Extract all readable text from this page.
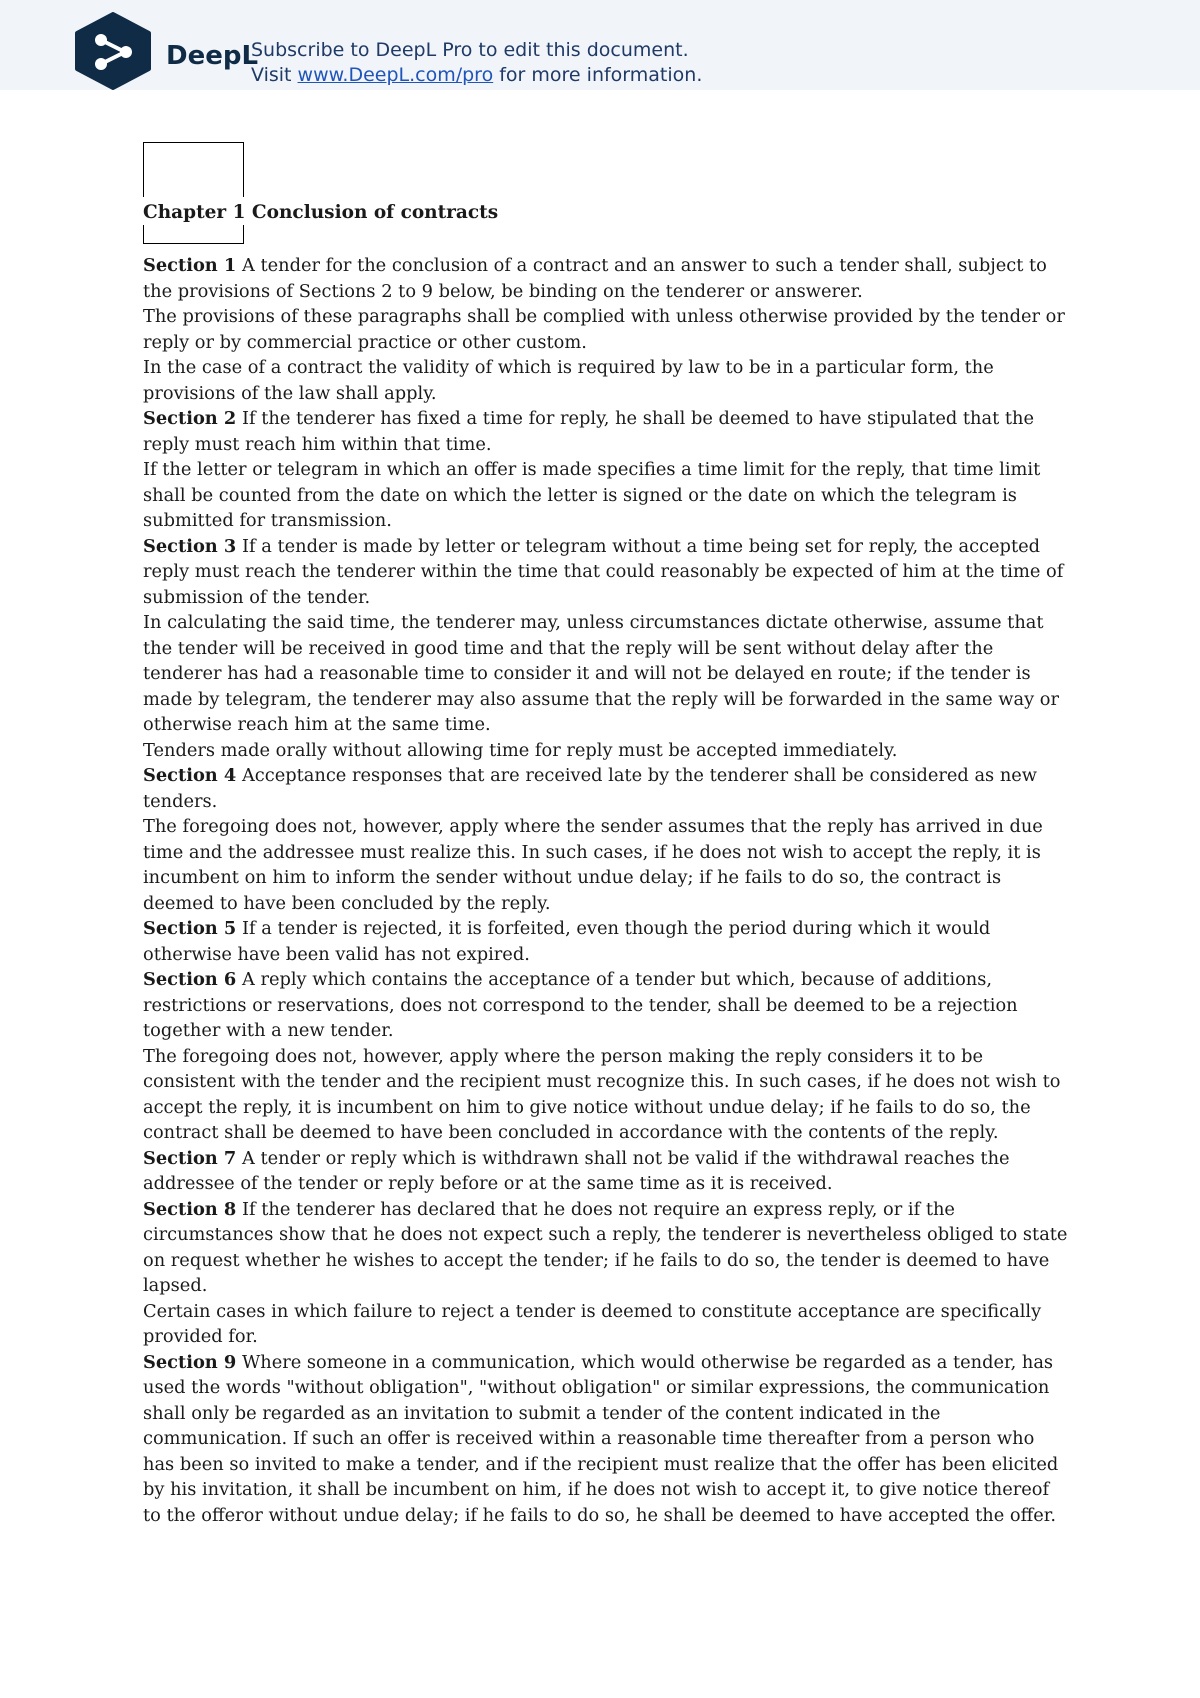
DeepL
Subscribe to DeepL Pro to edit this document.
Visit www.DeepL.com/pro for more information.
Chapter 1 Conclusion of contracts

Section 1 A tender for the conclusion of a contract and an answer to such a tender shall, subject to the provisions of Sections 2 to 9 below, be binding on the tenderer or answerer.

The provisions of these paragraphs shall be complied with unless otherwise provided by the tender or reply or by commercial practice or other custom.

In the case of a contract the validity of which is required by law to be in a particular form, the provisions of the law shall apply.

Section 2 If the tenderer has fixed a time for reply, he shall be deemed to have stipulated that the reply must reach him within that time.

If the letter or telegram in which an offer is made specifies a time limit for the reply, that time limit shall be counted from the date on which the letter is signed or the date on which the telegram is submitted for transmission.

Section 3 If a tender is made by letter or telegram without a time being set for reply, the accepted reply must reach the tenderer within the time that could reasonably be expected of him at the time of submission of the tender.

In calculating the said time, the tenderer may, unless circumstances dictate otherwise, assume that the tender will be received in good time and that the reply will be sent without delay after the tenderer has had a reasonable time to consider it and will not be delayed en route; if the tender is made by telegram, the tenderer may also assume that the reply will be forwarded in the same way or otherwise reach him at the same time.

Tenders made orally without allowing time for reply must be accepted immediately.

Section 4 Acceptance responses that are received late by the tenderer shall be considered as new tenders.

The foregoing does not, however, apply where the sender assumes that the reply has arrived in due time and the addressee must realize this. In such cases, if he does not wish to accept the reply, it is incumbent on him to inform the sender without undue delay; if he fails to do so, the contract is deemed to have been concluded by the reply.

Section 5 If a tender is rejected, it is forfeited, even though the period during which it would otherwise have been valid has not expired.

Section 6 A reply which contains the acceptance of a tender but which, because of additions, restrictions or reservations, does not correspond to the tender, shall be deemed to be a rejection together with a new tender.

The foregoing does not, however, apply where the person making the reply considers it to be consistent with the tender and the recipient must recognize this. In such cases, if he does not wish to accept the reply, it is incumbent on him to give notice without undue delay; if he fails to do so, the contract shall be deemed to have been concluded in accordance with the contents of the reply.

Section 7 A tender or reply which is withdrawn shall not be valid if the withdrawal reaches the addressee of the tender or reply before or at the same time as it is received.

Section 8 If the tenderer has declared that he does not require an express reply, or if the circumstances show that he does not expect such a reply, the tenderer is nevertheless obliged to state on request whether he wishes to accept the tender; if he fails to do so, the tender is deemed to have lapsed.

Certain cases in which failure to reject a tender is deemed to constitute acceptance are specifically provided for.

Section 9 Where someone in a communication, which would otherwise be regarded as a tender, has used the words "without obligation", "without obligation" or similar expressions, the communication shall only be regarded as an invitation to submit a tender of the content indicated in the communication. If such an offer is received within a reasonable time thereafter from a person who has been so invited to make a tender, and if the recipient must realize that the offer has been elicited by his invitation, it shall be incumbent on him, if he does not wish to accept it, to give notice thereof to the offeror without undue delay; if he fails to do so, he shall be deemed to have accepted the offer.
